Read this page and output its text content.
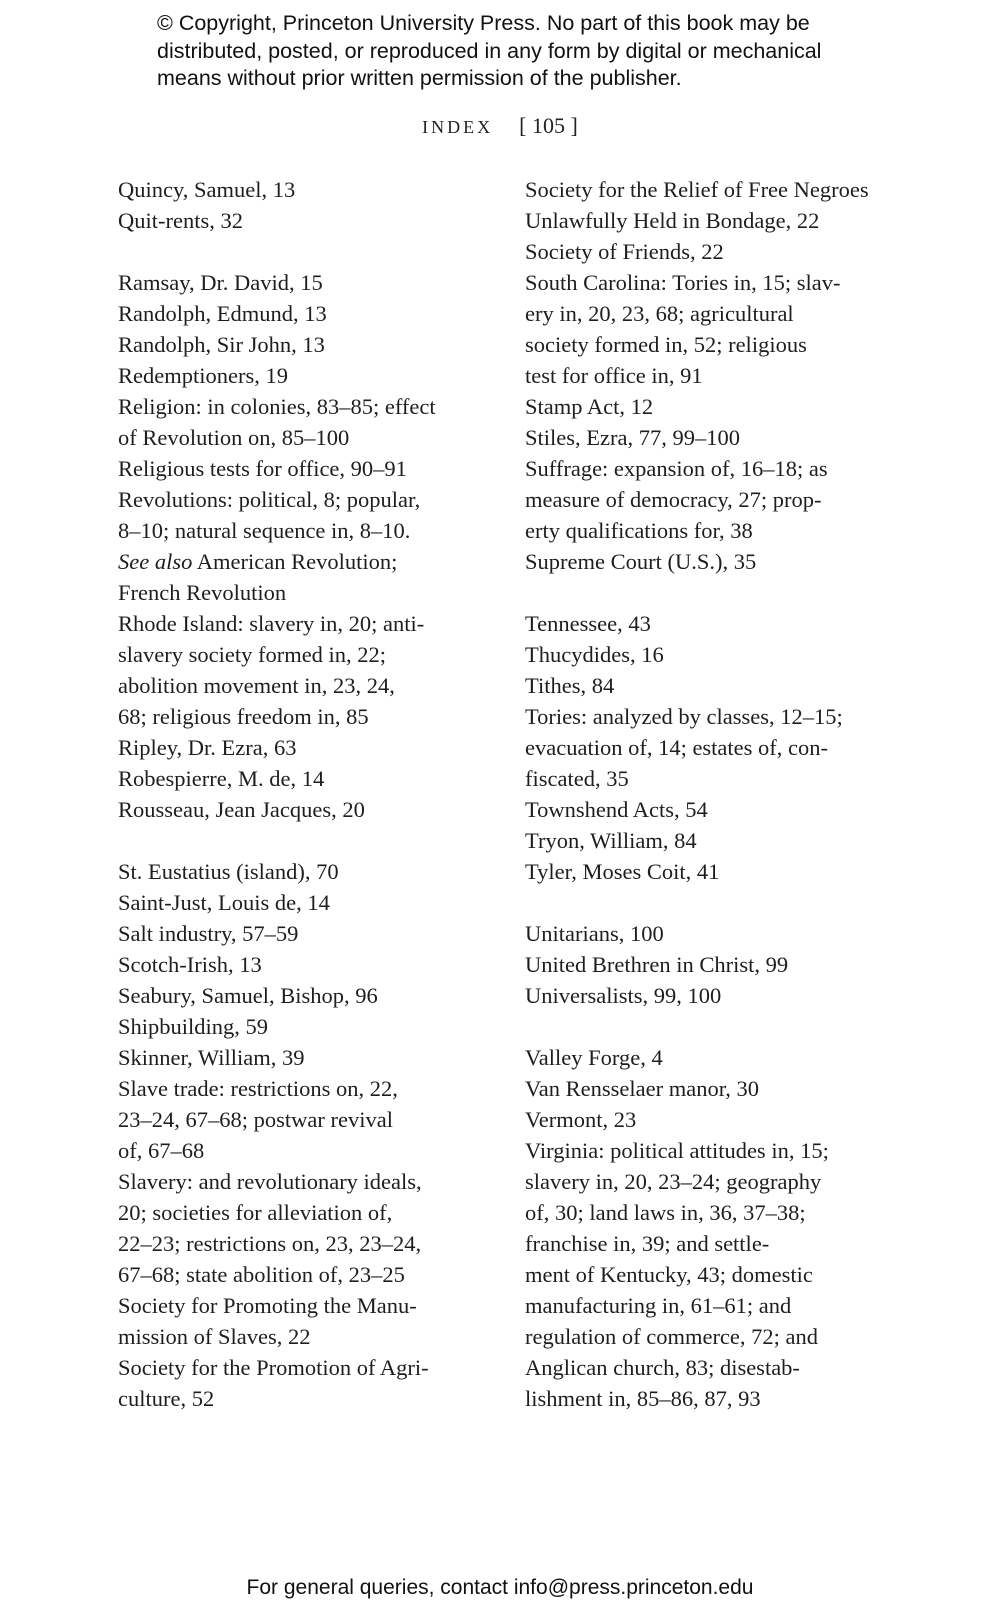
© Copyright, Princeton University Press. No part of this book may be
distributed, posted, or reproduced in any form by digital or mechanical
means without prior written permission of the publisher.
INDEX [ 105 ]

Quincy, Samuel, 13

Quit-rents, 32

Ramsay, Dr. David, 15

Randolph, Edmund, 13

Randolph, Sir John, 13

Redemptioners, 19

Religion: in colonies, 83–85; effect
of Revolution on, 85–100

Religious tests for office, 90–91

Revolutions: political, 8; popular,
8–10; natural sequence in, 8–10.
See also American Revolution;
French Revolution

Rhode Island: slavery in, 20; anti-
slavery society formed in, 22;
abolition movement in, 23, 24,
68; religious freedom in, 85

Ripley, Dr. Ezra, 63

Robespierre, M. de, 14

Rousseau, Jean Jacques, 20

St. Eustatius (island), 70

Saint-Just, Louis de, 14

Salt industry, 57–59

Scotch-Irish, 13

Seabury, Samuel, Bishop, 96

Shipbuilding, 59

Skinner, William, 39

Slave trade: restrictions on, 22,
23–24, 67–68; postwar revival
of, 67–68

Slavery: and revolutionary ideals,
20; societies for alleviation of,
22–23; restrictions on, 23, 23–24,
67–68; state abolition of, 23–25

Society for Promoting the Manu-
mission of Slaves, 22

Society for the Promotion of Agri-
culture, 52

Society for the Relief of Free Negroes
Unlawfully Held in Bondage, 22

Society of Friends, 22

South Carolina: Tories in, 15; slav-
ery in, 20, 23, 68; agricultural
society formed in, 52; religious
test for office in, 91

Stamp Act, 12

Stiles, Ezra, 77, 99–100

Suffrage: expansion of, 16–18; as
measure of democracy, 27; prop-
erty qualifications for, 38

Supreme Court (U.S.), 35

Tennessee, 43

Thucydides, 16

Tithes, 84

Tories: analyzed by classes, 12–15;
evacuation of, 14; estates of, con-
fiscated, 35

Townshend Acts, 54

Tryon, William, 84

Tyler, Moses Coit, 41

Unitarians, 100

United Brethren in Christ, 99

Universalists, 99, 100

Valley Forge, 4

Van Rensselaer manor, 30

Vermont, 23

Virginia: political attitudes in, 15;
slavery in, 20, 23–24; geography
of, 30; land laws in, 36, 37–38;
franchise in, 39; and settle-
ment of Kentucky, 43; domestic
manufacturing in, 61–61; and
regulation of commerce, 72; and
Anglican church, 83; disestab-
lishment in, 85–86, 87, 93

For general queries, contact info@press.princeton.edu
